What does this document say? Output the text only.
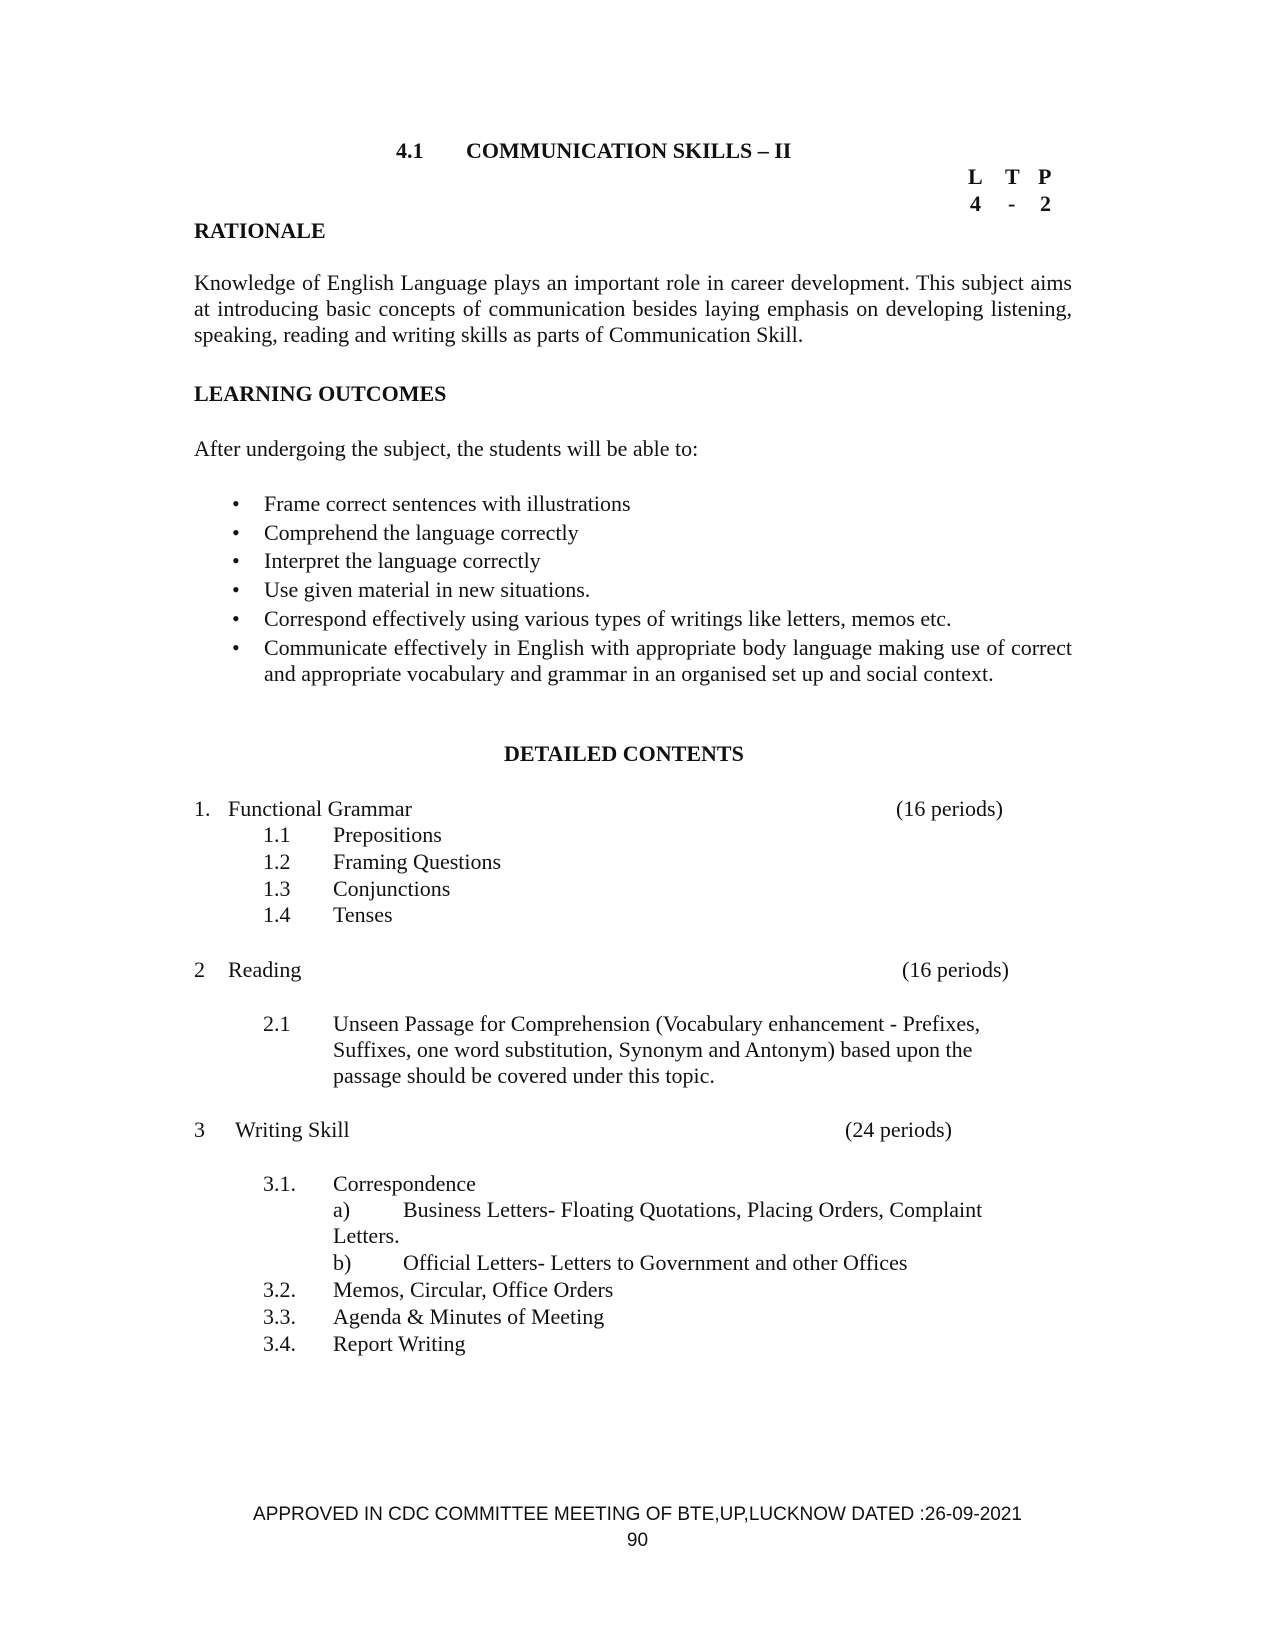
4.1 COMMUNICATION SKILLS – II
L T P
4 - 2
RATIONALE
Knowledge of English Language plays an important role in career development. This subject aims at introducing basic concepts of communication besides laying emphasis on developing listening, speaking, reading and writing skills as parts of Communication Skill.
LEARNING OUTCOMES
After undergoing the subject, the students will be able to:
• Frame correct sentences with illustrations
• Comprehend the language correctly
• Interpret the language correctly
• Use given material in new situations.
• Correspond effectively using various types of writings like letters, memos etc.
• Communicate effectively in English with appropriate body language making use of correct and appropriate vocabulary and grammar in an organised set up and social context.
DETAILED CONTENTS
1. Functional Grammar	(16 periods)
1.1 Prepositions
1.2 Framing Questions
1.3 Conjunctions
1.4 Tenses
2 Reading	(16 periods)
2.1 Unseen Passage for Comprehension (Vocabulary enhancement - Prefixes,
Suffixes, one word substitution, Synonym and Antonym) based upon the
passage should be covered under this topic.
3 Writing Skill	(24 periods)
3.1. Correspondence
a) Business Letters- Floating Quotations, Placing Orders, Complaint
Letters.
b) Official Letters- Letters to Government and other Offices
3.2. Memos, Circular, Office Orders
3.3. Agenda & Minutes of Meeting
3.4. Report Writing
APPROVED IN CDC COMMITTEE MEETING OF BTE,UP,LUCKNOW DATED :26-09-2021
90
